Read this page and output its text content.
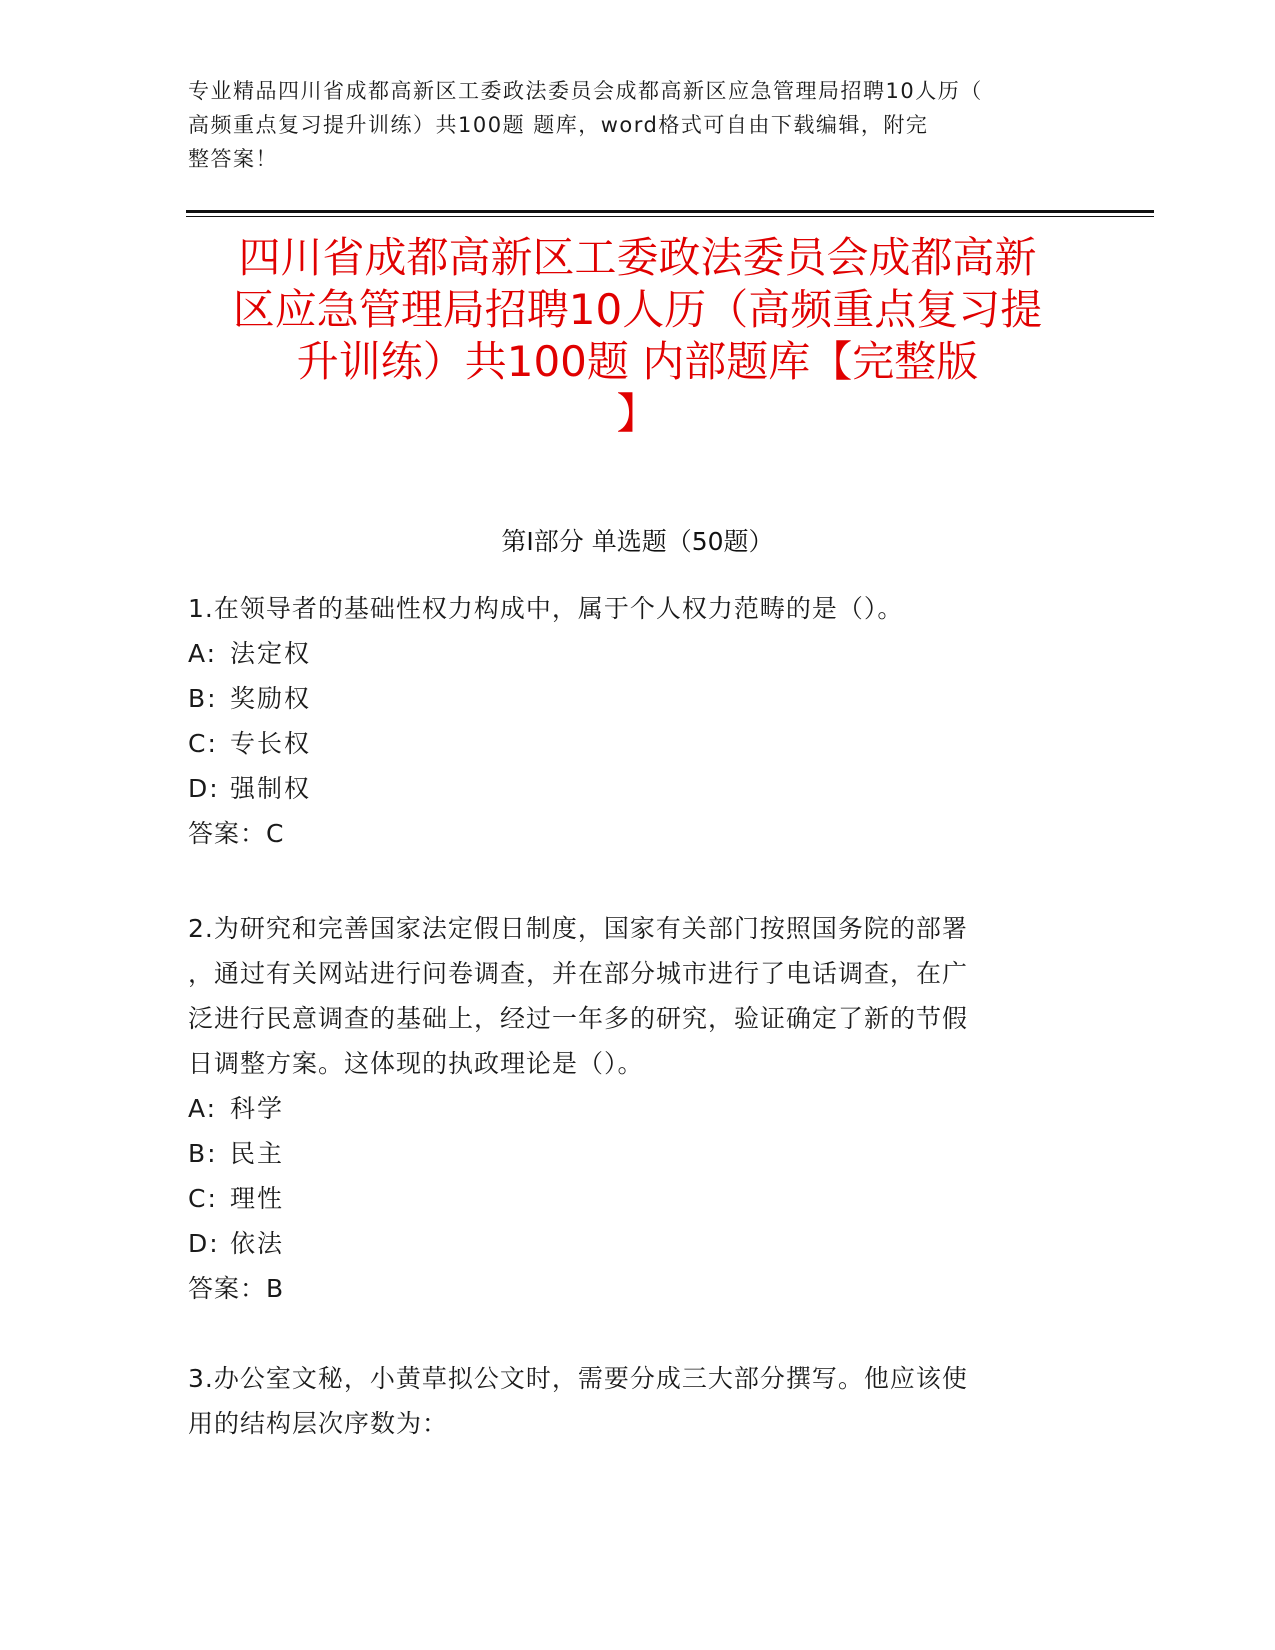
专业精品四川省成都高新区工委政法委员会成都高新区应急管理局招聘10人历（

高频重点复习提升训练）共100题 题库，word格式可自由下载编辑，附完

整答案！

四川省成都高新区工委政法委员会成都高新

区应急管理局招聘10人历（高频重点复习提

升训练）共100题 内部题库【完整版

】

第Ⅰ部分 单选题（50题）

1.在领导者的基础性权力构成中，属于个人权力范畴的是（）。

A: 法定权

B: 奖励权

C: 专长权

D: 强制权

答案：C

2.为研究和完善国家法定假日制度，国家有关部门按照国务院的部署

，通过有关网站进行问卷调查，并在部分城市进行了电话调查，在广

泛进行民意调查的基础上，经过一年多的研究，验证确定了新的节假

日调整方案。这体现的执政理论是（）。

A: 科学

B: 民主

C: 理性

D: 依法

答案：B

3.办公室文秘，小黄草拟公文时，需要分成三大部分撰写。他应该使

用的结构层次序数为：
